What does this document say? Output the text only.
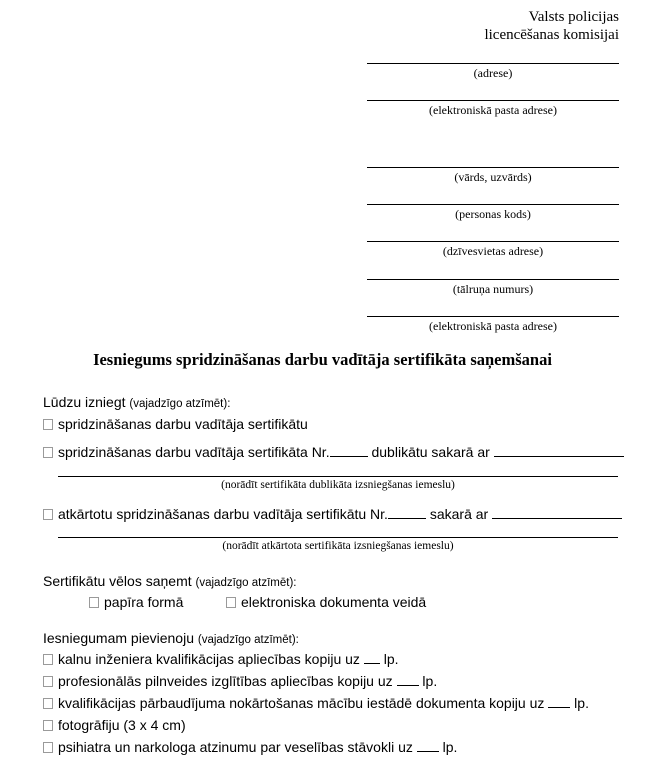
Valsts policijas
licencēšanas komisijai
(adrese)
(elektroniskā pasta adrese)
(vārds, uzvārds)
(personas kods)
(dzīvesvietas adrese)
(tālruņa numurs)
(elektroniskā pasta adrese)
Iesniegums spridzināšanas darbu vadītāja sertifikāta saņemšanai
Lūdzu izniegt (vajadzīgo atzīmēt):
spridzināšanas darbu vadītāja sertifikātu
spridzināšanas darbu vadītāja sertifikāta Nr.	dublikātu sakarā ar
(norādīt sertifikāta dublikāta izsniegšanas iemeslu)
atkārtotu spridzināšanas darbu vadītāja sertifikātu Nr.	sakarā ar
(norādīt atkārtota sertifikāta izsniegšanas iemeslu)
Sertifikātu vēlos saņemt (vajadzīgo atzīmēt):
papīra formā	elektroniska dokumenta veidā
Iesniegumam pievienoju (vajadzīgo atzīmēt):
kalnu inženiera kvalifikācijas apliecības kopiju uz lp.
profesionālās pilnveides izglītības apliecības kopiju uz lp.
kvalifikācijas pārbaudījuma nokārtošanas mācību iestādē dokumenta kopiju uz lp.
fotogrāfiju (3 x 4 cm)
psihiatra un narkologa atzinumu par veselības stāvokli uz lp.
